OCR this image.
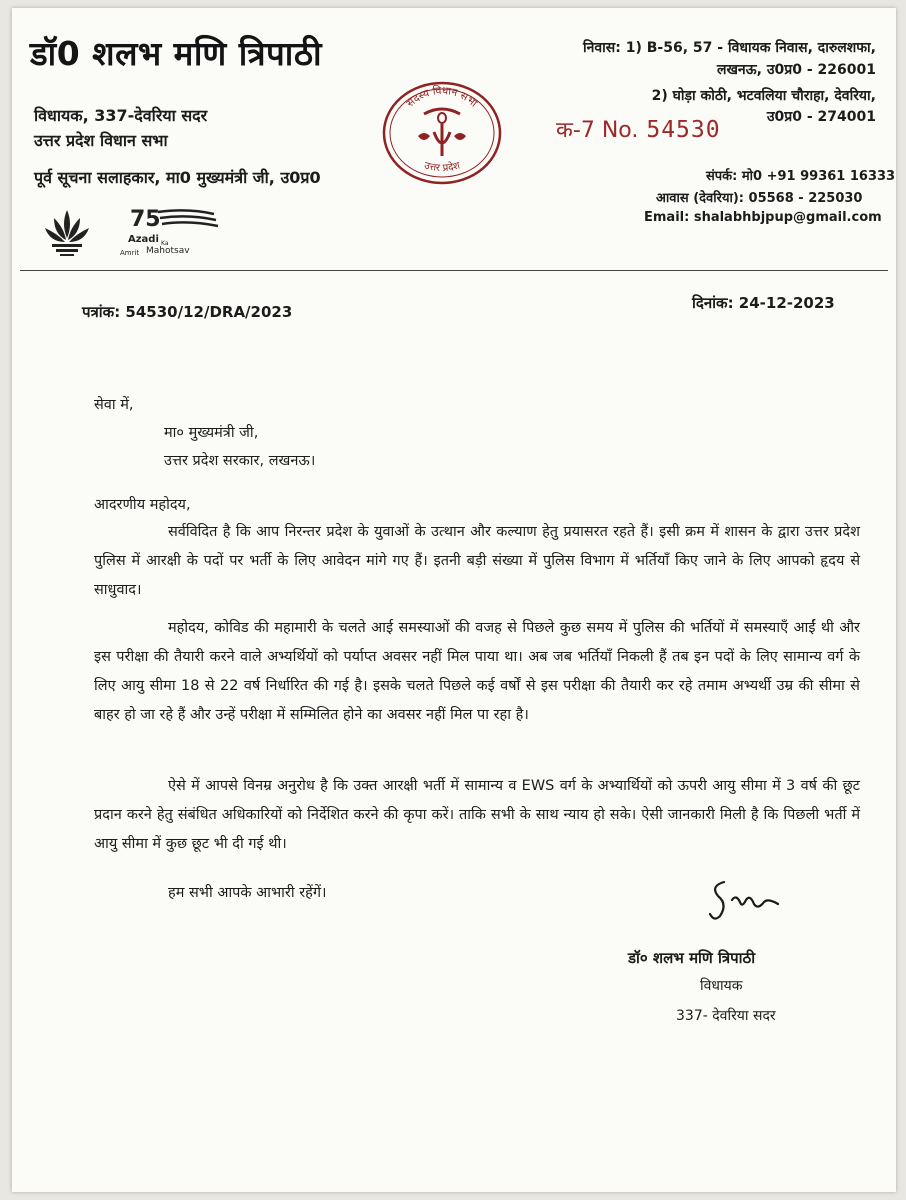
डॉ0 शलभ मणि त्रिपाठी
विधायक, 337-देवरिया सदर
उत्तर प्रदेश विधान सभा
पूर्व सूचना सलाहकार, मा0 मुख्यमंत्री जी, उ0प्र0
सदस्य विधान सभा
उत्तर प्रदेश
निवास: 1) B-56, 57 - विधायक निवास, दारुलशफा,
लखनऊ, उ0प्र0 - 226001
2) घोड़ा कोठी, भटवलिया चौराहा, देवरिया,
उ0प्र0 - 274001
क-7 No. 54530
संपर्क: मो0 +91 99361 16333
आवास (देवरिया): 05568 - 225030
Email: shalabhbjpup@gmail.com
75
Azadi Ka
Amrit Mahotsav
पत्रांक: 54530/12/DRA/2023	दिनांक: 24-12-2023
सेवा में,
मा० मुख्यमंत्री जी,
उत्तर प्रदेश सरकार, लखनऊ।
आदरणीय महोदय,
सर्वविदित है कि आप निरन्तर प्रदेश के युवाओं के उत्थान और कल्याण हेतु प्रयासरत रहते हैं। इसी क्रम में शासन के द्वारा उत्तर प्रदेश पुलिस में आरक्षी के पदों पर भर्ती के लिए आवेदन मांगे गए हैं। इतनी बड़ी संख्या में पुलिस विभाग में भर्तियाँ किए जाने के लिए आपको हृदय से साधुवाद।
महोदय, कोविड की महामारी के चलते आई समस्याओं की वजह से पिछले कुछ समय में पुलिस की भर्तियों में समस्याएँ आईं थी और इस परीक्षा की तैयारी करने वाले अभ्यर्थियों को पर्याप्त अवसर नहीं मिल पाया था। अब जब भर्तियाँ निकली हैं तब इन पदों के लिए सामान्य वर्ग के लिए आयु सीमा 18 से 22 वर्ष निर्धारित की गई है। इसके चलते पिछले कई वर्षों से इस परीक्षा की तैयारी कर रहे तमाम अभ्यर्थी उम्र की सीमा से बाहर हो जा रहे हैं और उन्हें परीक्षा में सम्मिलित होने का अवसर नहीं मिल पा रहा है।
ऐसे में आपसे विनम्र अनुरोध है कि उक्त आरक्षी भर्ती में सामान्य व EWS वर्ग के अभ्यार्थियों को ऊपरी आयु सीमा में 3 वर्ष की छूट प्रदान करने हेतु संबंधित अधिकारियों को निर्देशित करने की कृपा करें। ताकि सभी के साथ न्याय हो सके। ऐसी जानकारी मिली है कि पिछली भर्ती में आयु सीमा में कुछ छूट भी दी गई थी।
हम सभी आपके आभारी रहेंगें।
डॉ० शलभ मणि त्रिपाठी
विधायक
337- देवरिया सदर
